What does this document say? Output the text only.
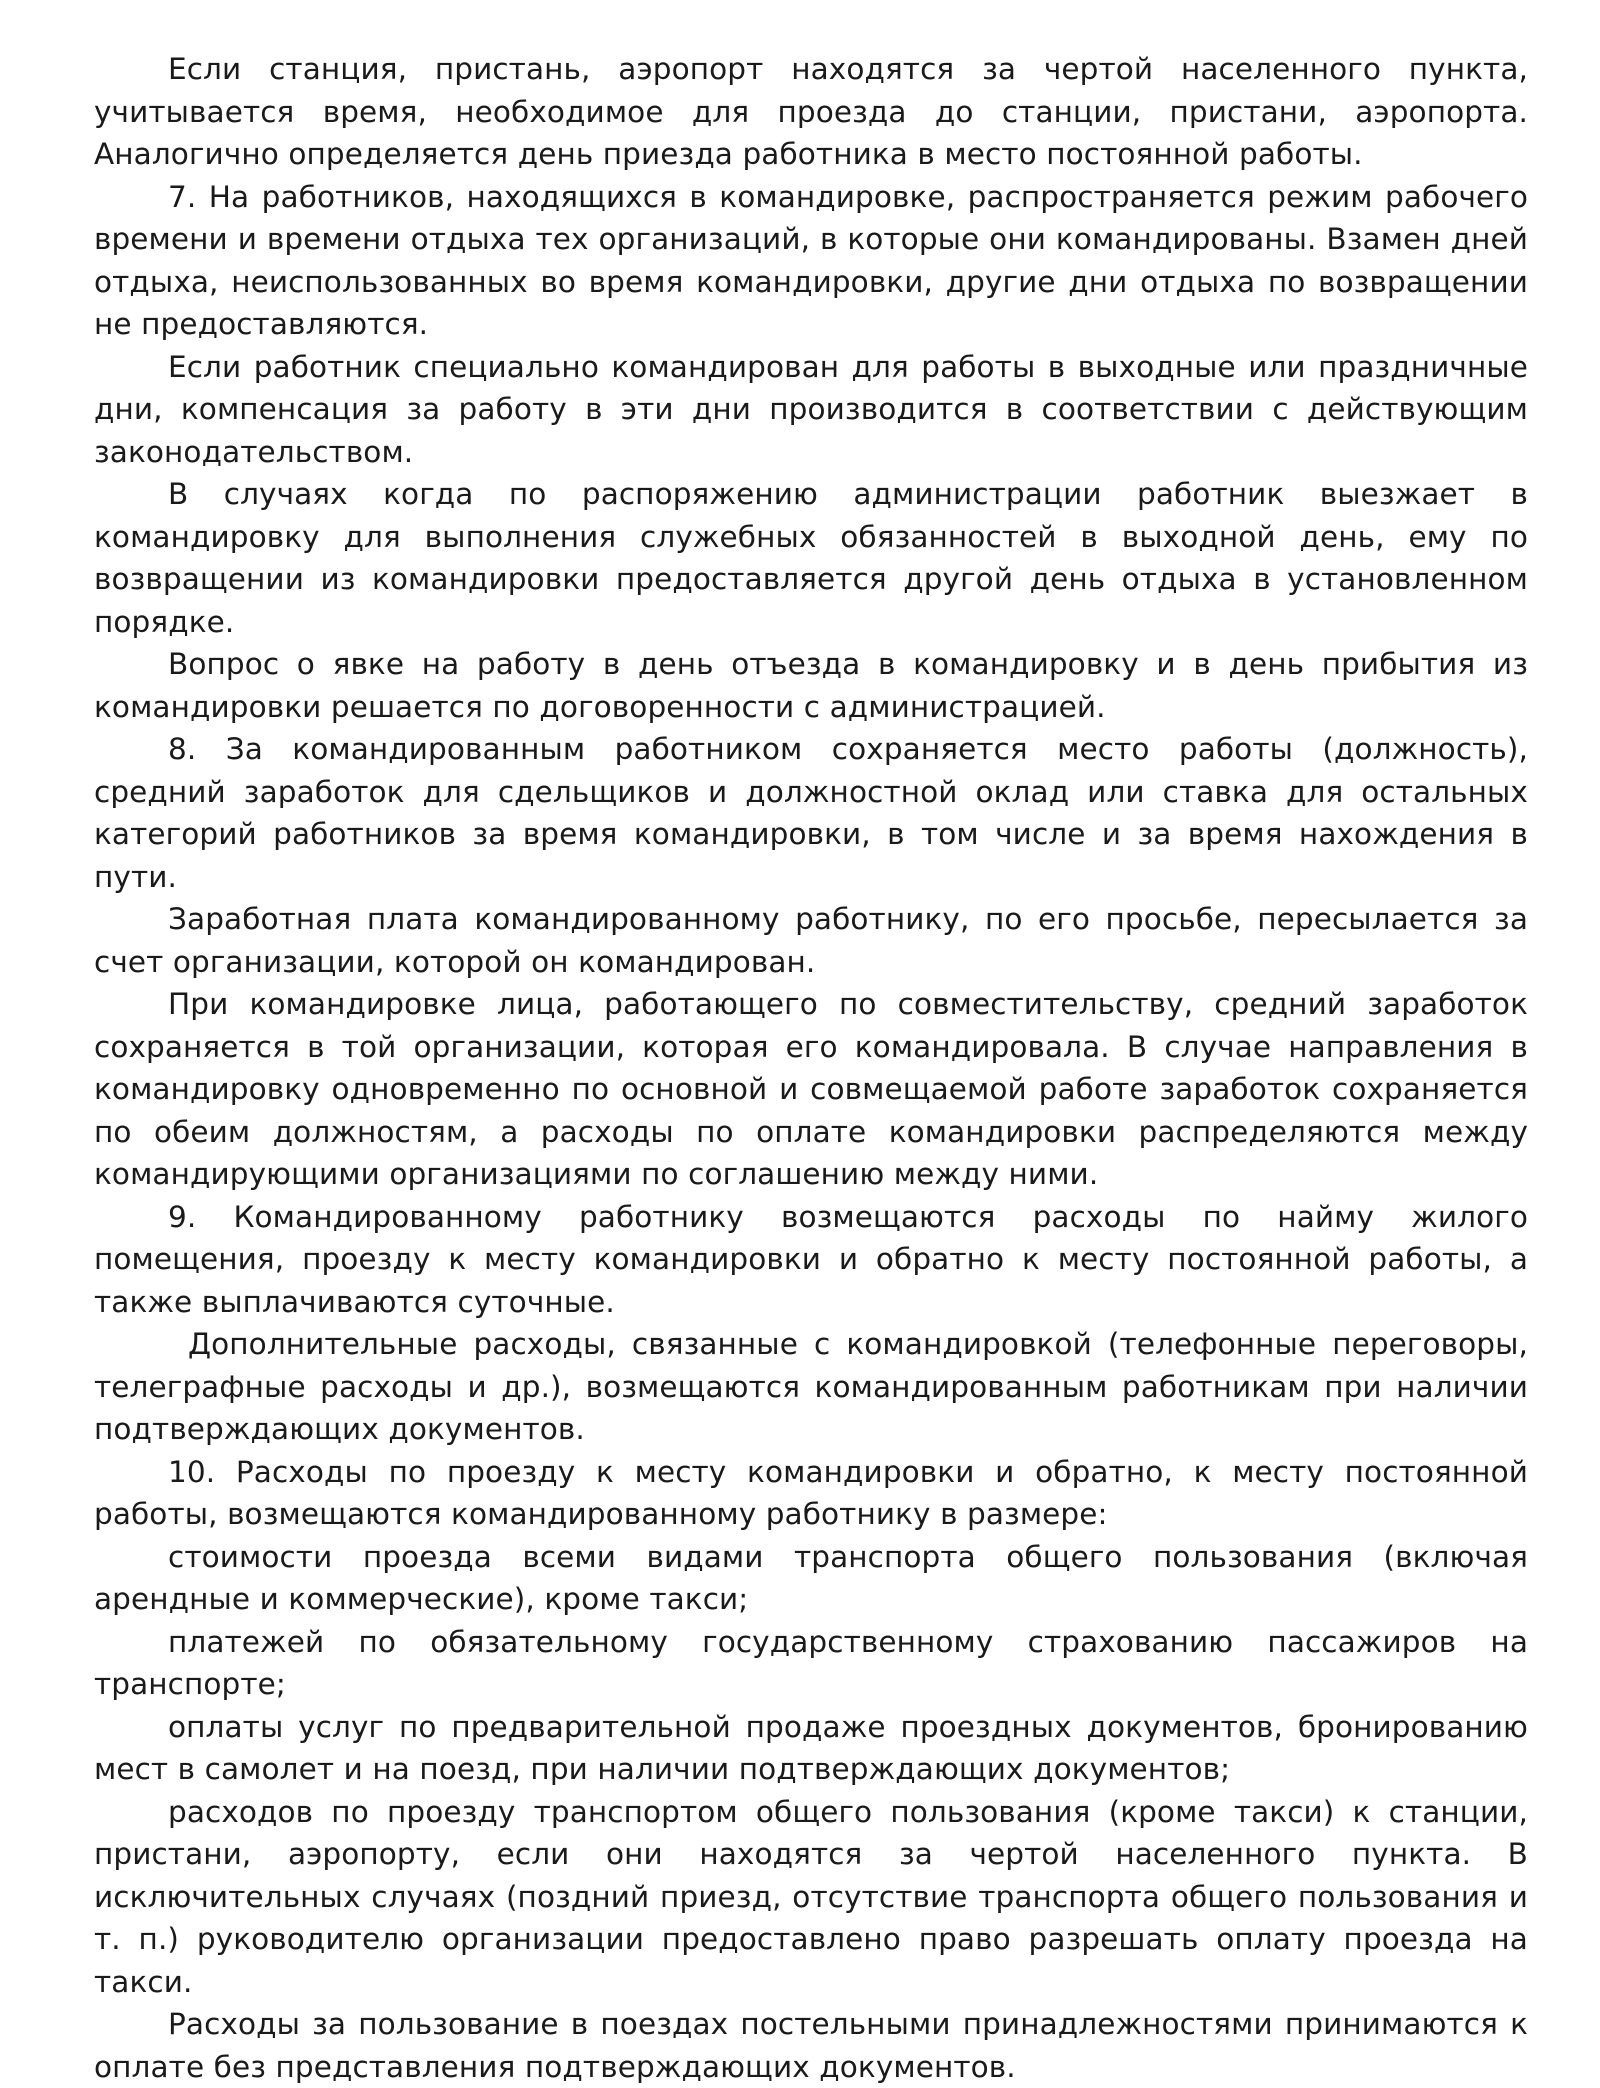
Если станция, пристань, аэропорт находятся за чертой населенного пункта, учитывается время, необходимое для проезда до станции, пристани, аэропорта. Аналогично определяется день приезда работника в место постоянной работы.

7. На работников, находящихся в командировке, распространяется режим рабочего времени и времени отдыха тех организаций, в которые они командированы. Взамен дней отдыха, неиспользованных во время командировки, другие дни отдыха по возвращении не предоставляются.

Если работник специально командирован для работы в выходные или праздничные дни, компенсация за работу в эти дни производится в соответствии с действующим законодательством.

В случаях когда по распоряжению администрации работник выезжает в командировку для выполнения служебных обязанностей в выходной день, ему по возвращении из командировки предоставляется другой день отдыха в установленном порядке.

Вопрос о явке на работу в день отъезда в командировку и в день прибытия из командировки решается по договоренности с администрацией.

8. За командированным работником сохраняется место работы (должность), средний заработок для сдельщиков и должностной оклад или ставка для остальных категорий работников за время командировки, в том числе и за время нахождения в пути.

Заработная плата командированному работнику, по его просьбе, пересылается за счет организации, которой он командирован.

При командировке лица, работающего по совместительству, средний заработок сохраняется в той организации, которая его командировала. В случае направления в командировку одновременно по основной и совмещаемой работе заработок сохраняется по обеим должностям, а расходы по оплате командировки распределяются между командирующими организациями по соглашению между ними.

9. Командированному работнику возмещаются расходы по найму жилого помещения, проезду к месту командировки и обратно к месту постоянной работы, а также выплачиваются суточные.

Дополнительные расходы, связанные с командировкой (телефонные переговоры, телеграфные расходы и др.), возмещаются командированным работникам при наличии подтверждающих документов.

10. Расходы по проезду к месту командировки и обратно, к месту постоянной работы, возмещаются командированному работнику в размере:

стоимости проезда всеми видами транспорта общего пользования (включая арендные и коммерческие), кроме такси;

платежей по обязательному государственному страхованию пассажиров на транспорте;

оплаты услуг по предварительной продаже проездных документов, бронированию мест в самолет и на поезд, при наличии подтверждающих документов;

расходов по проезду транспортом общего пользования (кроме такси) к станции, пристани, аэропорту, если они находятся за чертой населенного пункта. В исключительных случаях (поздний приезд, отсутствие транспорта общего пользования и т. п.) руководителю организации предоставлено право разрешать оплату проезда на такси.

Расходы за пользование в поездах постельными принадлежностями принимаются к оплате без представления подтверждающих документов.
